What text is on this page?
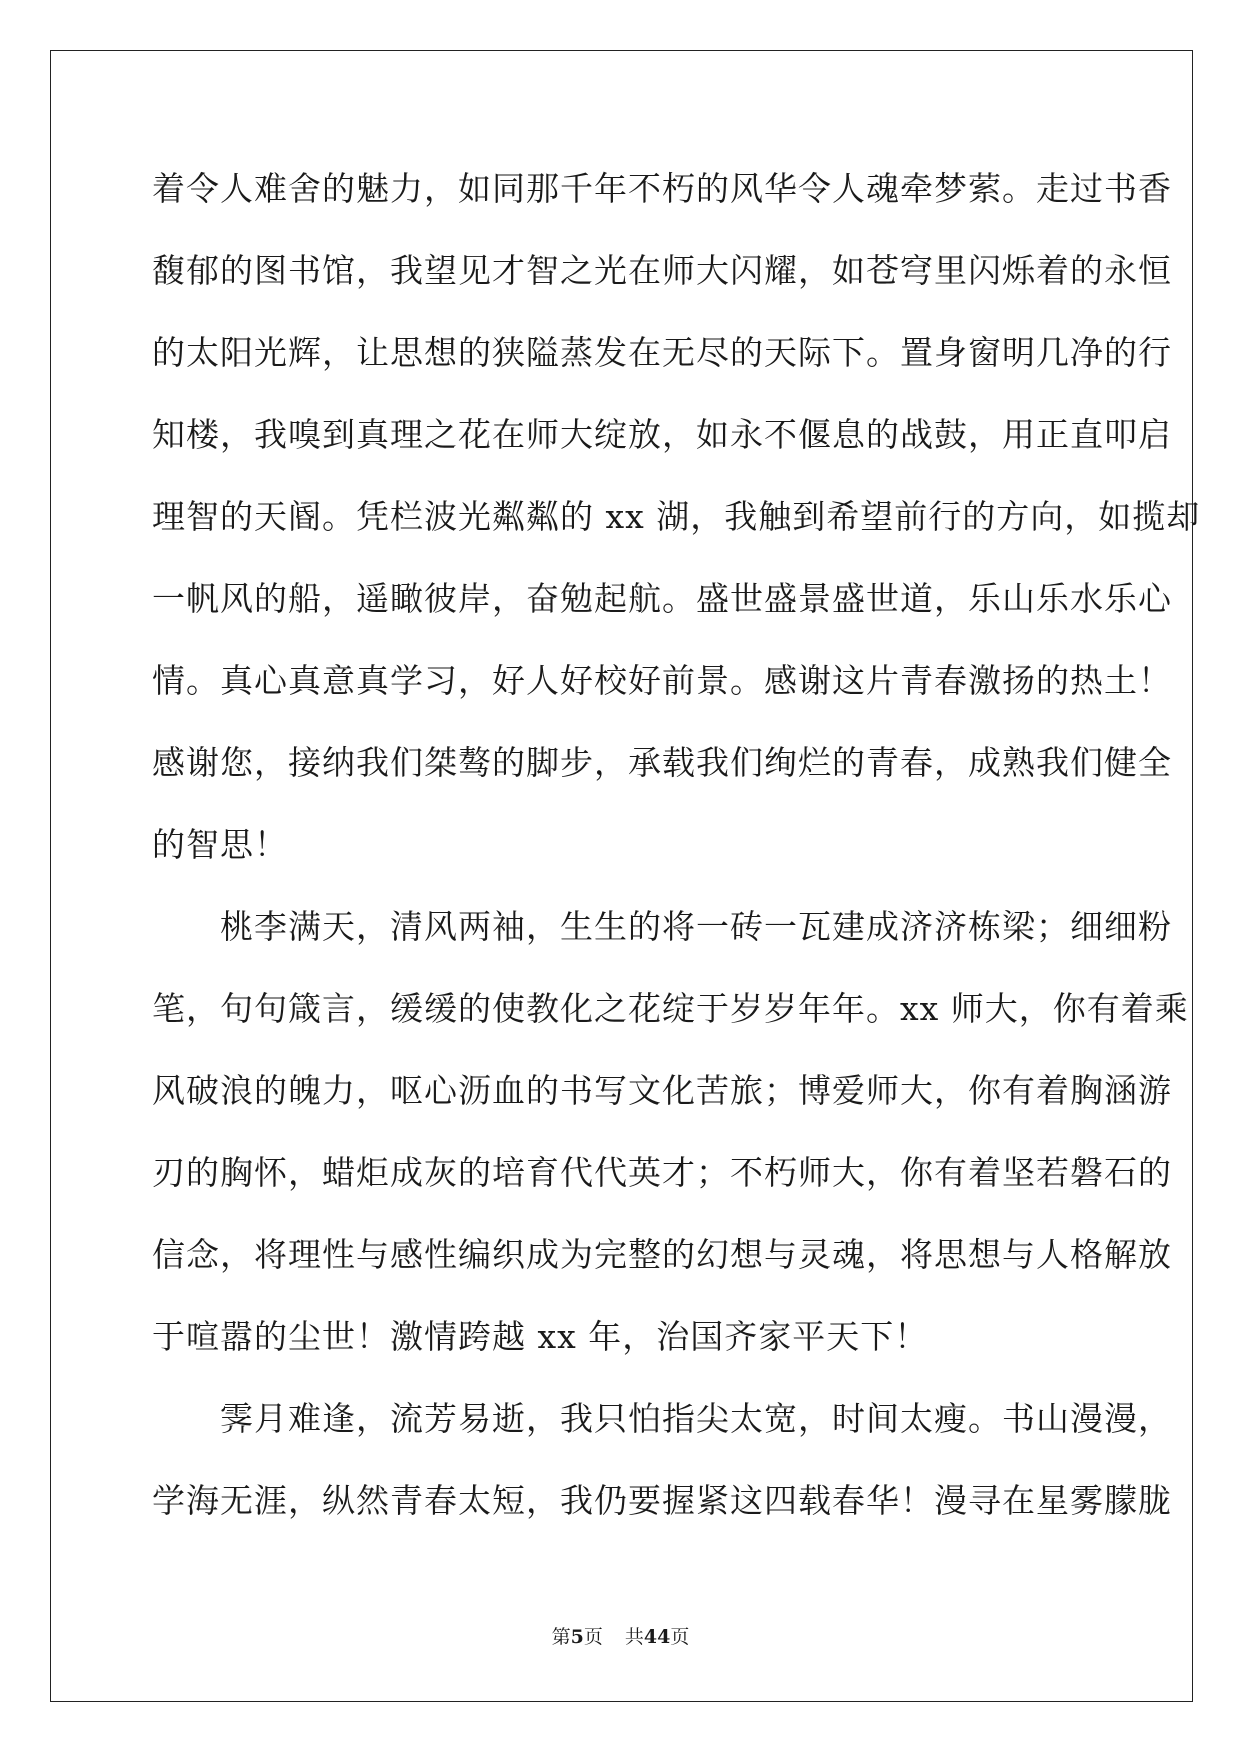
着令人难舍的魅力，如同那千年不朽的风华令人魂牵梦萦。走过书香
馥郁的图书馆，我望见才智之光在师大闪耀，如苍穹里闪烁着的永恒
的太阳光辉，让思想的狭隘蒸发在无尽的天际下。置身窗明几净的行
知楼，我嗅到真理之花在师大绽放，如永不偃息的战鼓，用正直叩启
理智的天阍。凭栏波光粼粼的 xx 湖，我触到希望前行的方向，如揽却
一帆风的船，遥瞰彼岸，奋勉起航。盛世盛景盛世道，乐山乐水乐心
情。真心真意真学习，好人好校好前景。感谢这片青春激扬的热土！
感谢您，接纳我们桀骜的脚步，承载我们绚烂的青春，成熟我们健全
的智思！
　　桃李满天，清风两袖，生生的将一砖一瓦建成济济栋梁；细细粉
笔，句句箴言，缓缓的使教化之花绽于岁岁年年。xx 师大，你有着乘
风破浪的魄力，呕心沥血的书写文化苦旅；博爱师大，你有着胸涵游
刃的胸怀，蜡炬成灰的培育代代英才；不朽师大，你有着坚若磐石的
信念，将理性与感性编织成为完整的幻想与灵魂，将思想与人格解放
于喧嚣的尘世！激情跨越 xx 年，治国齐家平天下！
　　霁月难逢，流芳易逝，我只怕指尖太宽，时间太瘦。书山漫漫，
学海无涯，纵然青春太短，我仍要握紧这四载春华！漫寻在星雾朦胧
第5页 共44页
